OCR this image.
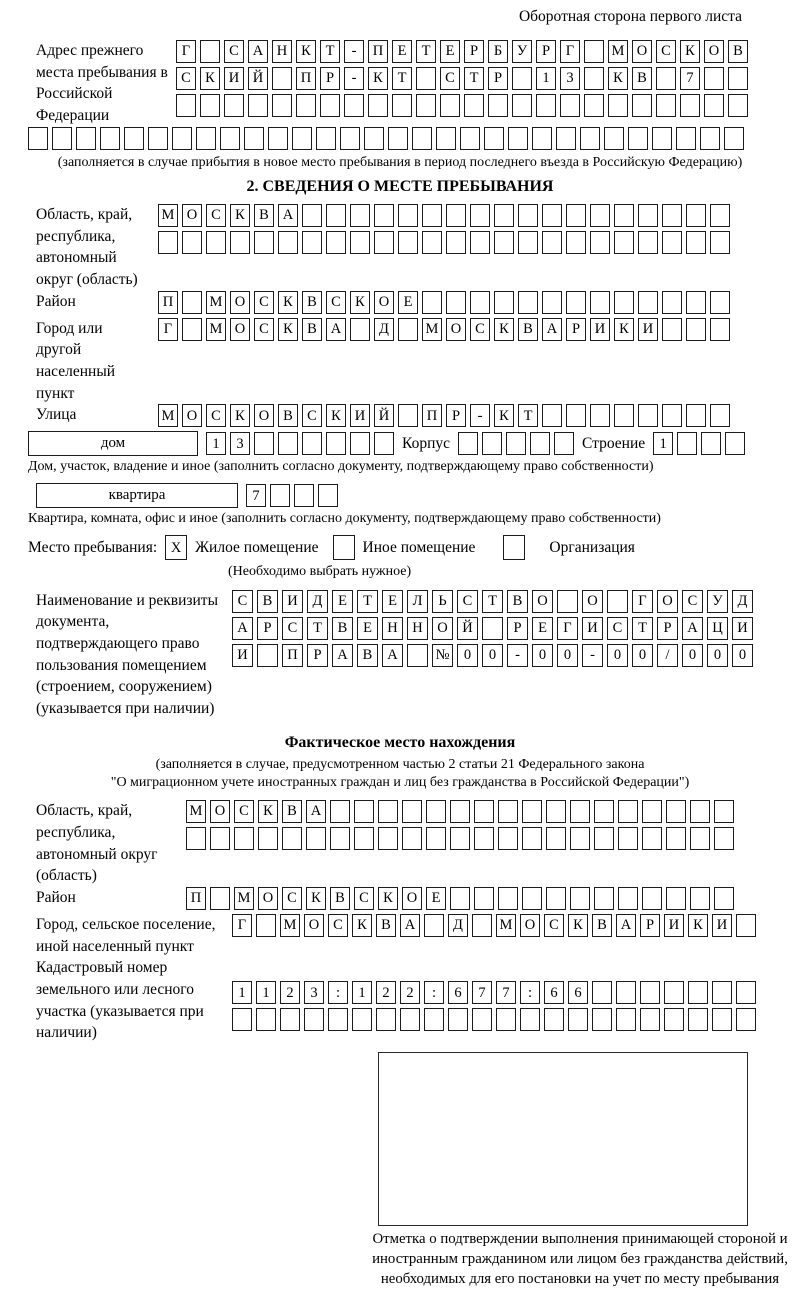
Оборотная сторона первого листа
Адрес прежнего места пребывания в Российской Федерации
Г	С А Н К	Т	-	П Е	Т	Е	Р	Б	У	Р	Г	М О С К О В
С К И Й	П	Р	-	К	Т	С	Т	Р	1	3	К В	7
(заполняется в случае прибытия в новое место пребывания в период последнего въезда в Российскую Федерацию)
2. СВЕДЕНИЯ О МЕСТЕ ПРЕБЫВАНИЯ
Область, край, республика, автономный округ (область)
М О С К В А
Район	П	М О С К В С К О Е
Город или другой населенный пункт
Г	М О С К В А	Д	М О С К В А	Р	И К И
Улица	М О С К О В С К И Й	П	Р	-	К	Т
дом	1	3	Корпус	Строение 1
Дом, участок, владение и иное (заполнить согласно документу, подтверждающему право собственности)
квартира	7
Квартира, комната, офис и иное (заполнить согласно документу, подтверждающему право собственности)
Место пребывания: X Жилое помещение	Иное помещение	Организация
(Необходимо выбрать нужное)
Наименование и реквизиты документа, подтверждающего право пользования помещением (строением, сооружением) (указывается при наличии)
С	В	И	Д	Е	Т	Е	Л	Ь	С	Т	В	О	О	Г	О	С	У	Д
А	Р	С	Т	В	Е	Н	Н	О	Й	Р	Е	Г	И	С	Т	Р	А	Ц	И
И	П	Р	А	В	А	№ 0	0	-	0	0	-	0	0	/	0	0	0
Фактическое место нахождения
(заполняется в случае, предусмотренном частью 2 статьи 21 Федерального закона
"О миграционном учете иностранных граждан и лиц без гражданства в Российской Федерации")
Область, край, республика, автономный округ (область)
М О С К В А
Район	П	М О С К В С К О Е
Город, сельское поселение, иной населенный пункт
Г	М О С К В А	Д	М О С К В А	Р	И К И
Кадастровый номер земельного или лесного участка (указывается при наличии)
1	1	2	3	:	1	2	2	:	6	7	7	:	6	6
Отметка о подтверждении выполнения принимающей стороной и иностранным гражданином или лицом без гражданства действий, необходимых для его постановки на учет по месту пребывания
